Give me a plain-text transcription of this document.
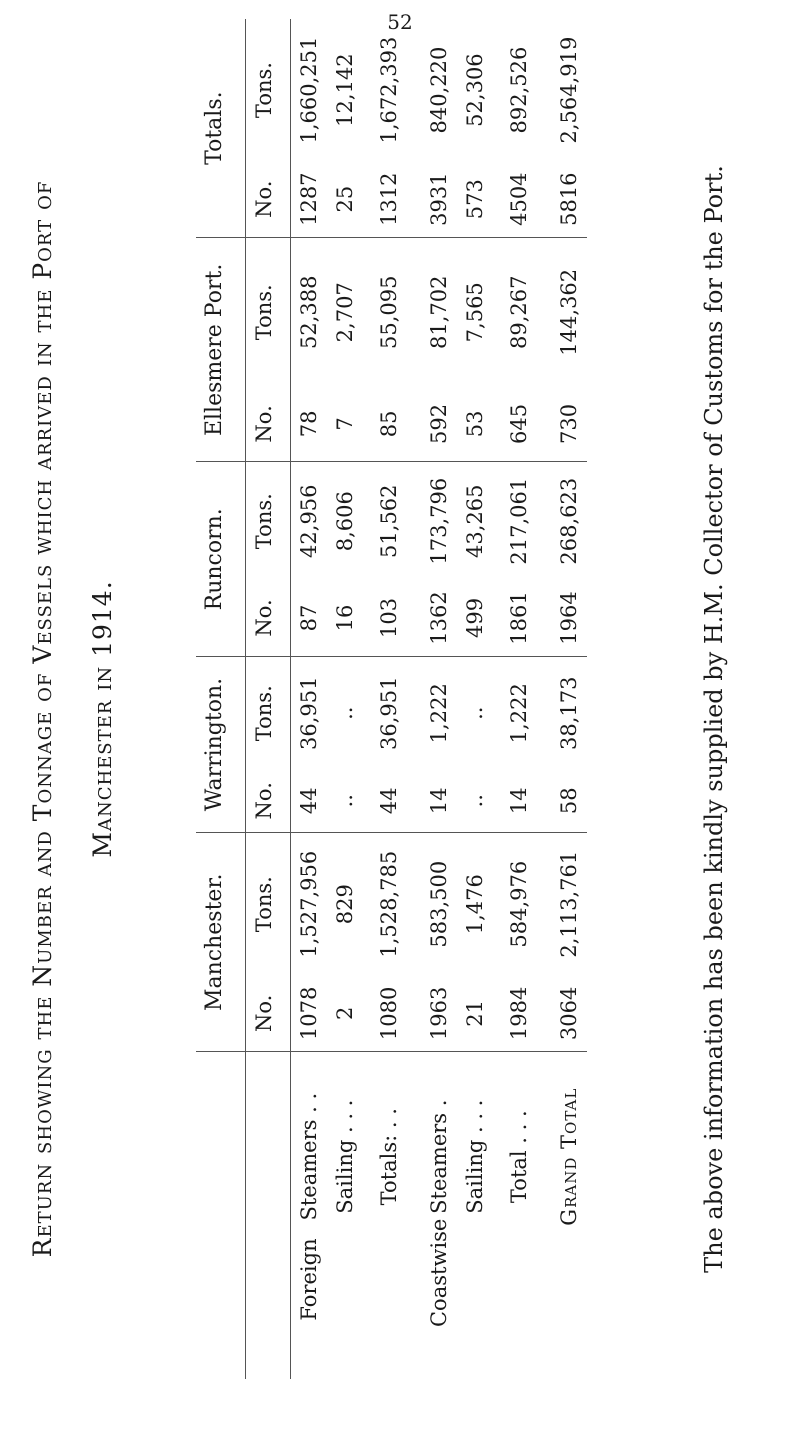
52
Return showing the Number and Tonnage of Vessels which arrived in the Port of Manchester in 1914.
	Manchester.		Warrington.		Runcorn.		Ellesmere Port.		Totals.	
	No.	Tons.	No.	Tons.	No.	Tons.	No.	Tons.	No.	Tons.
ForeignSteamers . .	1078	1,527,956	44	36,951	87	42,956	78	52,388	1287	1,660,251
Sailing . . .	2	829	..	..	16	8,606	7	2,707	25	12,142
Totals: . .	1080	1,528,785	44	36,951	103	51,562	85	55,095	1312	1,672,393
CoastwiseSteamers .	1963	583,500	14	1,222	1362	173,796	592	81,702	3931	840,220
Sailing . . .	21	1,476	..	..	499	43,265	53	7,565	573	52,306
Total . . .	1984	584,976	14	1,222	1861	217,061	645	89,267	4504	892,526
Grand Total	3064	2,113,761	58	38,173	1964	268,623	730	144,362	5816	2,564,919
The above information has been kindly supplied by H.M. Collector of Customs for the Port.
